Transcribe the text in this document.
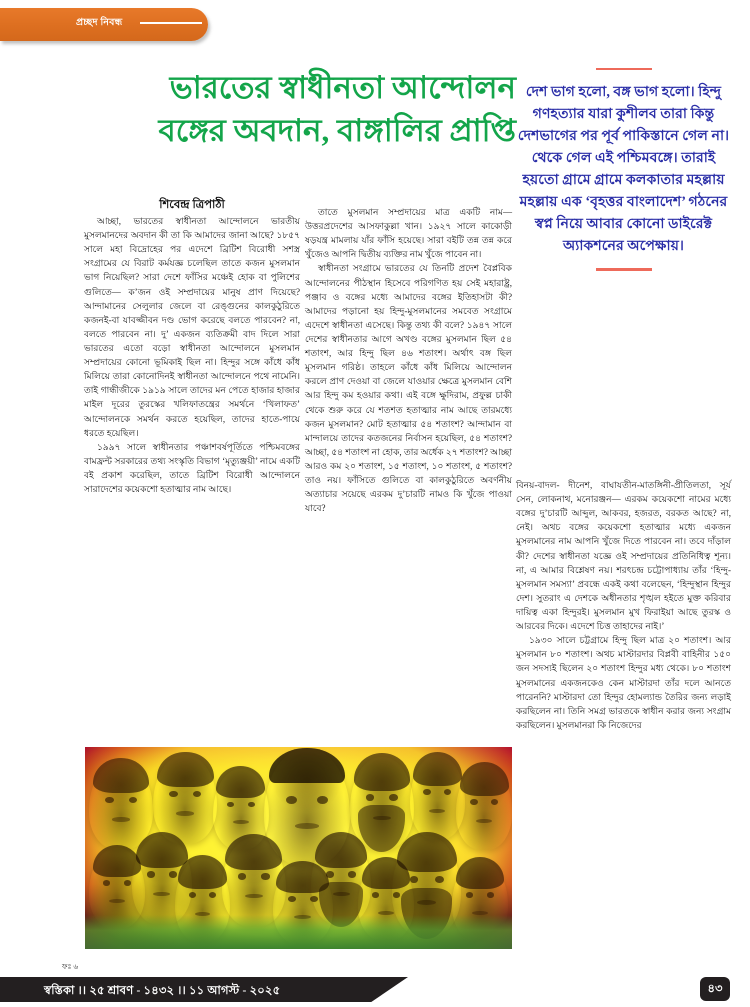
প্রচ্ছদ নিবন্ধ
ভারতের স্বাধীনতা আন্দোলন
বঙ্গের অবদান, বাঙ্গালির প্রাপ্তি
শিবেন্দ্র ত্রিপাঠী
দেশ ভাগ হলো, বঙ্গ ভাগ হলো। হিন্দু গণহত্যার যারা কুশীলব তারা কিন্তু দেশভাগের পর পূর্ব পাকিস্তানে গেল না। থেকে গেল এই পশ্চিমবঙ্গে। তারাই হয়তো গ্রামে গ্রামে কলকাতার মহল্লায় মহল্লায় এক ‘বৃহত্তর বাংলাদেশ’ গঠনের স্বপ্ন নিয়ে আবার কোনো ডাইরেক্ট অ্যাকশনের অপেক্ষায়।

আচ্ছা, ভারতের স্বাধীনতা আন্দোলনে ভারতীয় মুসলমানদের অবদান কী তা কি আমাদের জানা আছে? ১৮৫৭ সালে মহা বিদ্রোহের পর এদেশে ব্রিটিশ বিরোধী সশস্ত্র সংগ্রামের যে বিরাট কর্মযজ্ঞ চলেছিল তাতে কজন মুসলমান ভাগ নিয়েছিল? সারা দেশে ফাঁসির মঞ্চেই হোক বা পুলিশের গুলিতে— ক’জন ওই সম্প্রদায়ের মানুষ প্রাণ দিয়েছে? আন্দামানের সেলুলার জেলে বা রেঙ্গুনের কালকুঠুরিতে কজনই-বা যাবজ্জীবন দণ্ড ভোগ করেছে বলতে পারবেন? না, বলতে পারবেন না। দু’ একজন ব্যতিক্রমী বাদ দিলে সারা ভারতের এতো বড়ো স্বাধীনতা আন্দোলনে মুসলমান সম্প্রদায়ের কোনো ভূমিকাই ছিল না। হিন্দুর সঙ্গে কাঁধে কাঁধ মিলিয়ে তারা কোনোদিনই স্বাধীনতা আন্দোলনে পথে নামেনি। তাই গান্ধীজীকে ১৯১৯ সালে তাদের মন পেতে হাজার হাজার মাইল দূরের তুরস্কের খলিফাতন্ত্রের সমর্থনে ‘খিলাফত’ আন্দোলনকে সমর্থন করতে হয়েছিল, তাদের হাতে-পায়ে ধরতে হয়েছিল।

১৯৯৭ সালে স্বাধীনতার পঞ্চাশবর্ষপূর্তিতে পশ্চিমবঙ্গের বামফ্রন্ট সরকারের তথ্য সংস্কৃতি বিভাগ ‘মৃত্যুঞ্জয়ী’ নামে একটি বই প্রকাশ করেছিল, তাতে ব্রিটিশ বিরোধী আন্দোলনে সারাদেশের কয়েকশো হতাত্মার নাম আছে।

তাতে মুসলমান সম্প্রদায়ের মাত্র একটি নাম— উত্তরপ্রদেশের আসফাকুল্লা খান। ১৯২৭ সালে কাকোড়ী ষড়যন্ত্র মামলায় যাঁর ফাঁসি হয়েছে। সারা বইটি তন্ন তন্ন করে খুঁজেও আপনি দ্বিতীয় ব্যক্তির নাম খুঁজে পাবেন না।

স্বাধীনতা সংগ্রামে ভারতের যে তিনটি প্রদেশ বৈপ্লবিক আন্দোলনের পীঠস্থান হিসেবে পরিগণিত হয় সেই মহারাষ্ট্র, পঞ্জাব ও বঙ্গের মধ্যে আমাদের বঙ্গের ইতিহাসটা কী? আমাদের পড়ানো হয় হিন্দু-মুসলমানের সমবেত সংগ্রামে এদেশে স্বাধীনতা এসেছে। কিন্তু তথ্য কী বলে? ১৯৪৭ সালে দেশের স্বাধীনতার আগে অখণ্ড বঙ্গের মুসলমান ছিল ৫৪ শতাংশ, আর হিন্দু ছিল ৪৬ শতাংশ। অর্থাৎ বঙ্গ ছিল মুসলমান গরিষ্ঠ। তাহলে কাঁধে কাঁধ মিলিয়ে আন্দোলন করলে প্রাণ দেওয়া বা জেলে যাওয়ার ক্ষেত্রে মুসলমান বেশি আর হিন্দু কম হওয়ার কথা। এই বঙ্গে ক্ষুদিরাম, প্রফুল্ল চাকী থেকে শুরু করে যে শতশত হতাত্মার নাম আছে তারমধ্যে কজন মুসলমান? মোট হতাত্মার ৫৪ শতাংশ? আন্দামান বা মান্দালয়ে তাদের কতজনের নির্বাসন হয়েছিল, ৫৪ শতাংশ? আচ্ছা, ৫৪ শতাংশ না হোক, তার অর্ধেক ২৭ শতাংশ? আচ্ছা আরও কম ২০ শতাংশ, ১৫ শতাংশ, ১০ শতাংশ, ৫ শতাংশ? তাও নয়। ফাঁসিতে গুলিতে বা কালকুঠুরিতে অবর্ণনীয় অত্যাচার সয়েছে এরকম দু’চারটি নামও কি খুঁজে পাওয়া যাবে?

বিনয়-বাদল- দীনেশ, বাঘাযতীন-মাতঙ্গিনী-প্রীতিলতা, সূর্য সেন, লোকনাথ, মনোরঞ্জন— এরকম কয়েকশো নামের মধ্যে বঙ্গের দু’চারটি আব্দুল, আকবর, হজরত, বরকত আছে? না, নেই। অথচ বঙ্গের কয়েকশো হতাত্মার মধ্যে একজন মুসলমানের নাম আপনি খুঁজে দিতে পারবেন না। তবে দাঁড়াল কী? দেশের স্বাধীনতা যজ্ঞে ওই সম্প্রদায়ের প্রতিনিধিত্ব শূন্য। না, এ আমার বিশ্লেষণ নয়। শরৎচন্দ্র চট্টোপাধ্যায় তাঁর ‘হিন্দু-মুসলমান সমস্যা’ প্রবন্ধে একই কথা বলেছেন, ‘হিন্দুস্থান হিন্দুর দেশ। সুতরাং এ দেশকে অধীনতার শৃঙ্খল হইতে মুক্ত করিবার দায়িত্ব একা হিন্দুরই। মুসলমান মুখ ফিরাইয়া আছে তুরস্ক ও আরবের দিকে। এদেশে চিত্ত তাহাদের নাই।’

১৯৩০ সালে চট্টগ্রামে হিন্দু ছিল মাত্র ২০ শতাংশ। আর মুসলমান ৮০ শতাংশ। অথচ মাস্টারদার বিপ্লবী বাহিনীর ১৫০ জন সদস্যই ছিলেন ২০ শতাংশ হিন্দুর মধ্য থেকে। ৮০ শতাংশ মুসলমানের একজনকেও কেন মাস্টারদা তাঁর দলে আনতে পারেননি? মাস্টারদা তো হিন্দুর হোমল্যান্ড তৈরির জন্য লড়াই করছিলেন না। তিনি সমগ্র ভারতকে স্বাধীন করার জন্য সংগ্রাম করছিলেন। মুসলমানরা কি নিজেদের

ফঃ ৬
স্বস্তিকা ।। ২৫ শ্রাবণ - ১৪৩২ ।। ১১ আগস্ট - ২০২৫	৪৩
